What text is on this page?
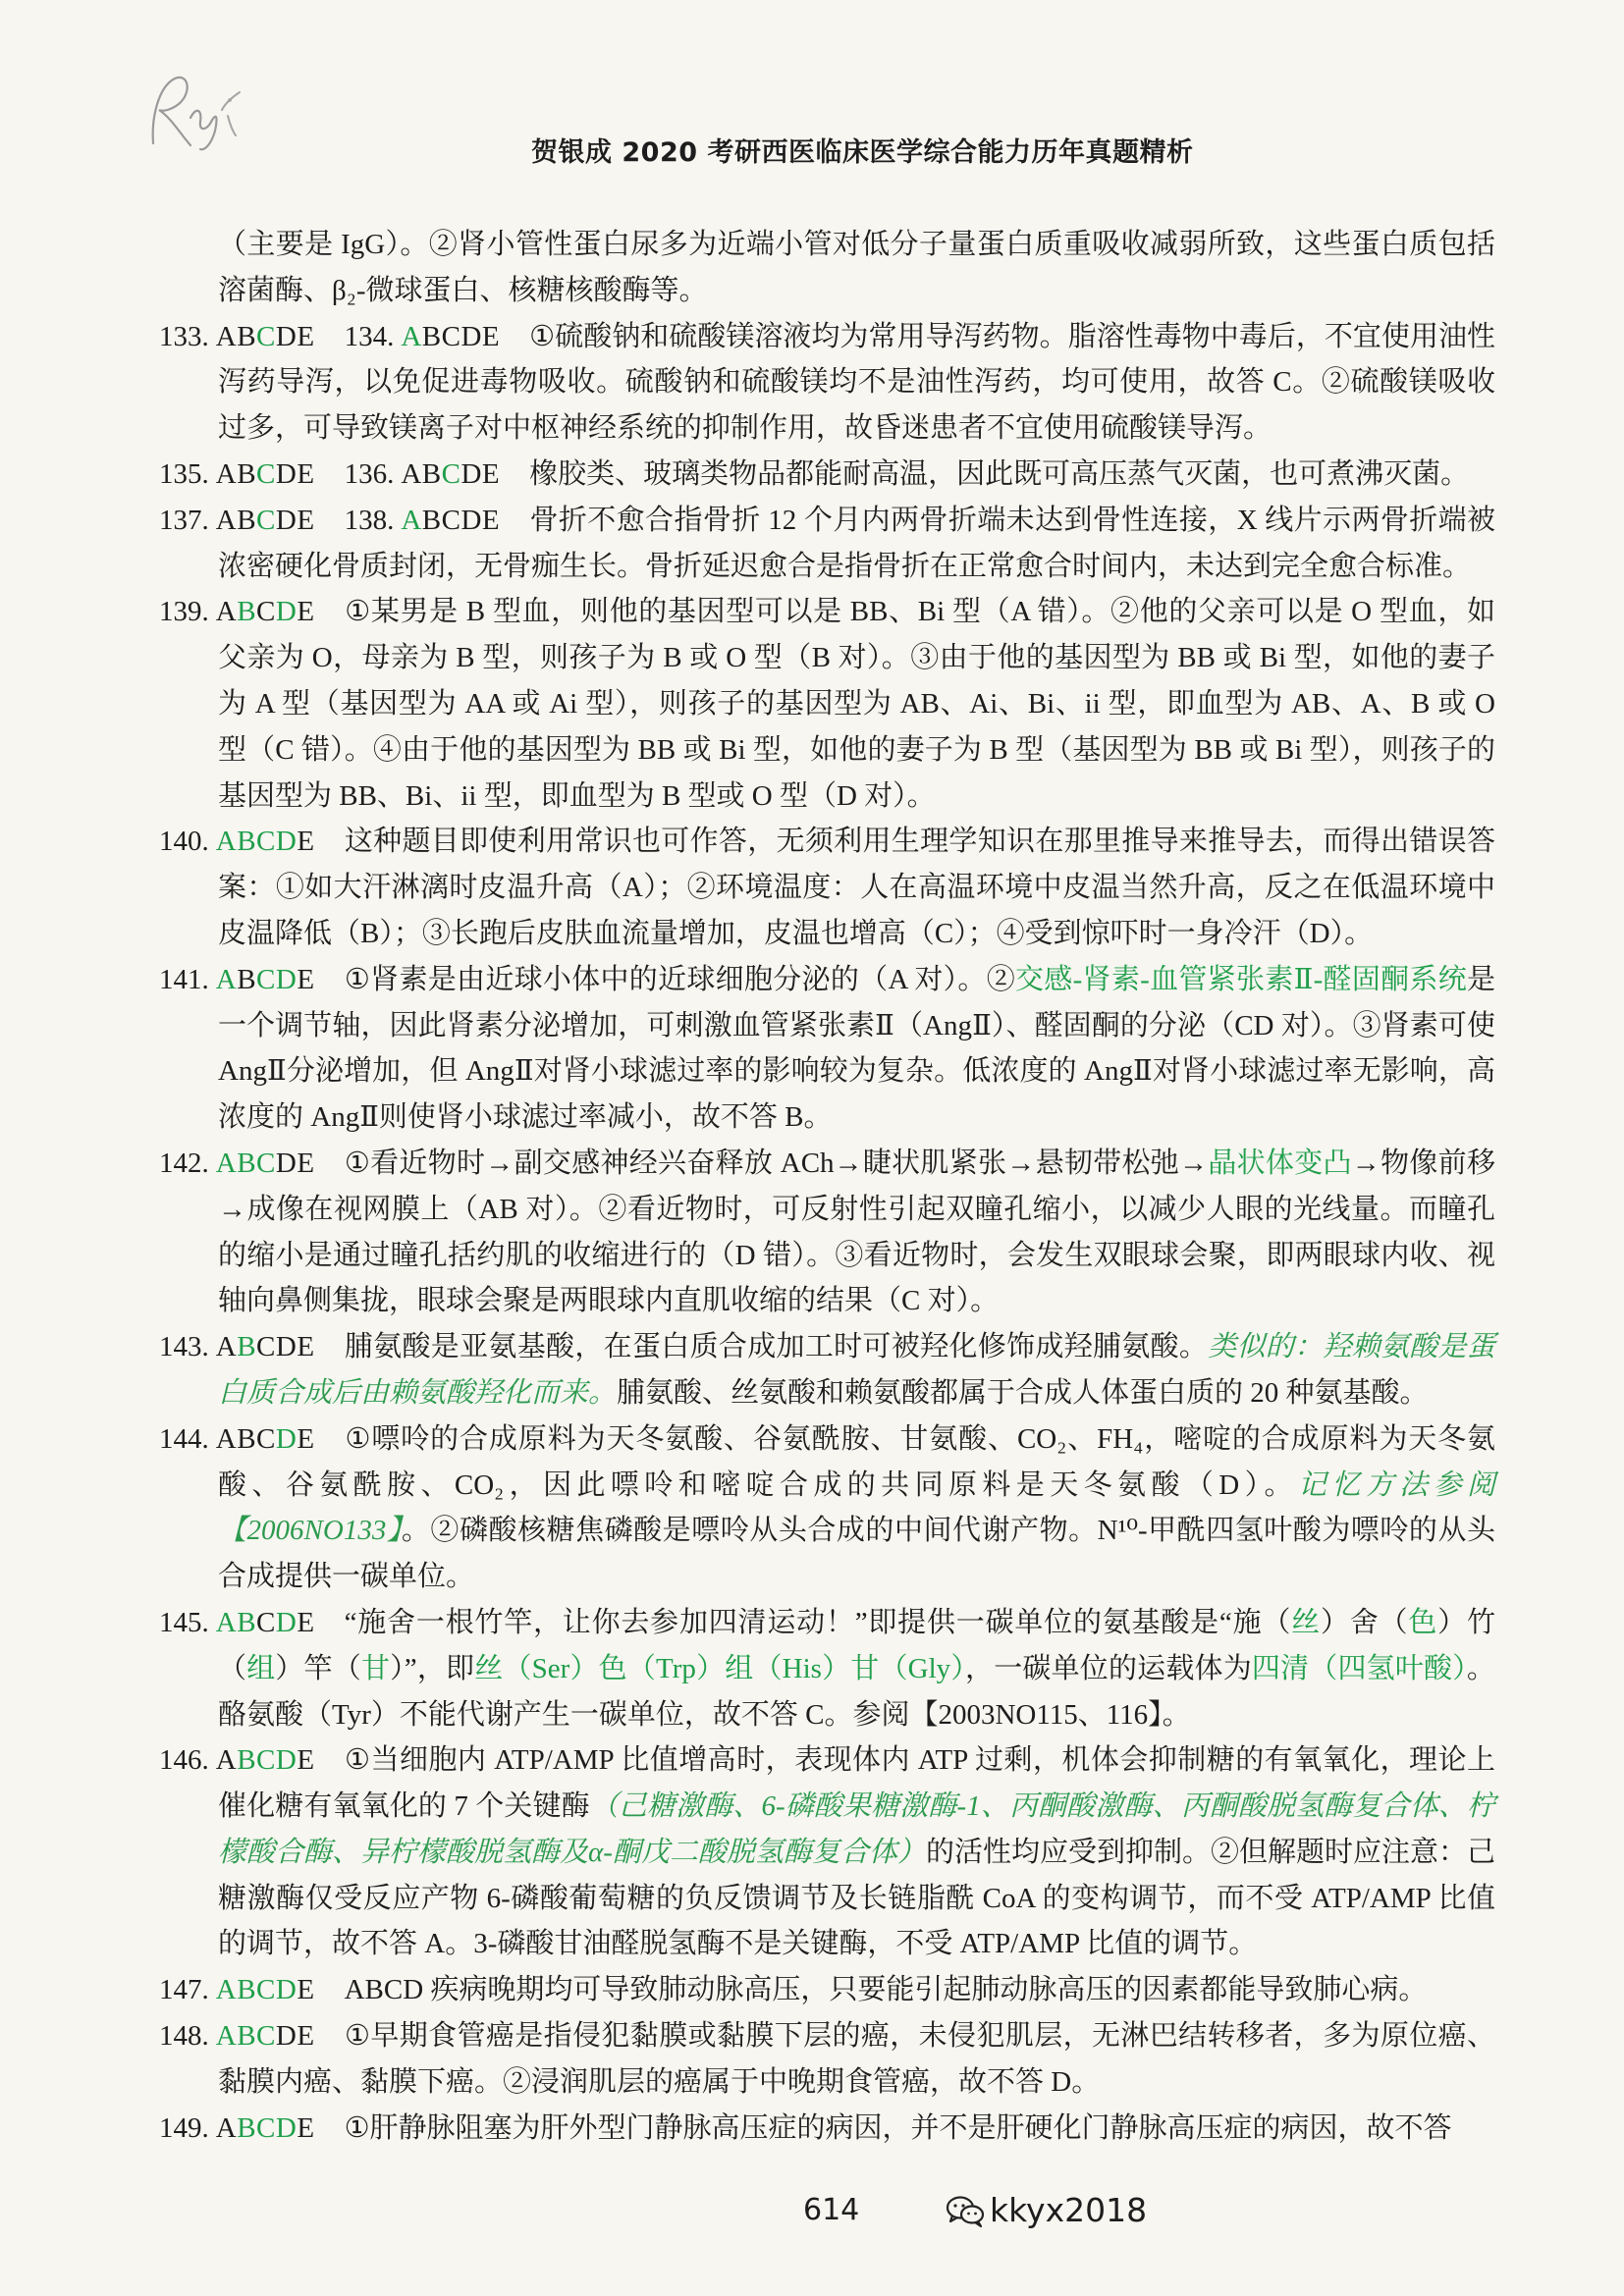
贺银成 2020 考研西医临床医学综合能力历年真题精析
（主要是 IgG）。②肾小管性蛋白尿多为近端小管对低分子量蛋白质重吸收减弱所致，这些蛋白质包括溶菌酶、β₂-微球蛋白、核糖核酸酶等。
133. ABCDE 134. ABCDE ①硫酸钠和硫酸镁溶液均为常用导泻药物。脂溶性毒物中毒后，不宜使用油性泻药导泻，以免促进毒物吸收。硫酸钠和硫酸镁均不是油性泻药，均可使用，故答 C。②硫酸镁吸收过多，可导致镁离子对中枢神经系统的抑制作用，故昏迷患者不宜使用硫酸镁导泻。
135. ABCDE 136. ABCDE 橡胶类、玻璃类物品都能耐高温，因此既可高压蒸气灭菌，也可煮沸灭菌。
137. ABCDE 138. ABCDE 骨折不愈合指骨折 12 个月内两骨折端未达到骨性连接，X 线片示两骨折端被浓密硬化骨质封闭，无骨痂生长。骨折延迟愈合是指骨折在正常愈合时间内，未达到完全愈合标准。
139. ABCDE ①某男是 B 型血，则他的基因型可以是 BB、Bi 型（A 错）。②他的父亲可以是 O 型血，如父亲为 O，母亲为 B 型，则孩子为 B 或 O 型（B 对）。③由于他的基因型为 BB 或 Bi 型，如他的妻子为 A 型（基因型为 AA 或 Ai 型），则孩子的基因型为 AB、Ai、Bi、ii 型，即血型为 AB、A、B 或 O 型（C 错）。④由于他的基因型为 BB 或 Bi 型，如他的妻子为 B 型（基因型为 BB 或 Bi 型），则孩子的基因型为 BB、Bi、ii 型，即血型为 B 型或 O 型（D 对）。
140. ABCDE 这种题目即使利用常识也可作答，无须利用生理学知识在那里推导来推导去，而得出错误答案：①如大汗淋漓时皮温升高（A）；②环境温度：人在高温环境中皮温当然升高，反之在低温环境中皮温降低（B）；③长跑后皮肤血流量增加，皮温也增高（C）；④受到惊吓时一身冷汗（D）。
141. ABCDE ①肾素是由近球小体中的近球细胞分泌的（A 对）。②交感-肾素-血管紧张素Ⅱ-醛固酮系统是一个调节轴，因此肾素分泌增加，可刺激血管紧张素Ⅱ（AngⅡ）、醛固酮的分泌（CD 对）。③肾素可使 AngⅡ分泌增加，但 AngⅡ对肾小球滤过率的影响较为复杂。低浓度的 AngⅡ对肾小球滤过率无影响，高浓度的 AngⅡ则使肾小球滤过率减小，故不答 B。
142. ABCDE ①看近物时→副交感神经兴奋释放 ACh→睫状肌紧张→悬韧带松弛→晶状体变凸→物像前移→成像在视网膜上（AB 对）。②看近物时，可反射性引起双瞳孔缩小，以减少人眼的光线量。而瞳孔的缩小是通过瞳孔括约肌的收缩进行的（D 错）。③看近物时，会发生双眼球会聚，即两眼球内收、视轴向鼻侧集拢，眼球会聚是两眼球内直肌收缩的结果（C 对）。
143. ABCDE 脯氨酸是亚氨基酸，在蛋白质合成加工时可被羟化修饰成羟脯氨酸。类似的：羟赖氨酸是蛋白质合成后由赖氨酸羟化而来。脯氨酸、丝氨酸和赖氨酸都属于合成人体蛋白质的 20 种氨基酸。
144. ABCDE ①嘌呤的合成原料为天冬氨酸、谷氨酰胺、甘氨酸、CO₂、FH₄，嘧啶的合成原料为天冬氨酸、谷氨酰胺、CO₂，因此嘌呤和嘧啶合成的共同原料是天冬氨酸（D）。记忆方法参阅【2006NO133】。②磷酸核糖焦磷酸是嘌呤从头合成的中间代谢产物。N¹⁰-甲酰四氢叶酸为嘌呤的从头合成提供一碳单位。
145. ABCDE “施舍一根竹竿，让你去参加四清运动！”即提供一碳单位的氨基酸是“施（丝）舍（色）竹（组）竿（甘）”，即丝（Ser）色（Trp）组（His）甘（Gly），一碳单位的运载体为四清（四氢叶酸）。酪氨酸（Tyr）不能代谢产生一碳单位，故不答 C。参阅【2003NO115、116】。
146. ABCDE ①当细胞内 ATP/AMP 比值增高时，表现体内 ATP 过剩，机体会抑制糖的有氧氧化，理论上催化糖有氧氧化的 7 个关键酶（己糖激酶、6-磷酸果糖激酶-1、丙酮酸激酶、丙酮酸脱氢酶复合体、柠檬酸合酶、异柠檬酸脱氢酶及α-酮戊二酸脱氢酶复合体）的活性均应受到抑制。②但解题时应注意：己糖激酶仅受反应产物 6-磷酸葡萄糖的负反馈调节及长链脂酰 CoA 的变构调节，而不受 ATP/AMP 比值的调节，故不答 A。3-磷酸甘油醛脱氢酶不是关键酶，不受 ATP/AMP 比值的调节。
147. ABCDE ABCD 疾病晚期均可导致肺动脉高压，只要能引起肺动脉高压的因素都能导致肺心病。
148. ABCDE ①早期食管癌是指侵犯黏膜或黏膜下层的癌，未侵犯肌层，无淋巴结转移者，多为原位癌、黏膜内癌、黏膜下癌。②浸润肌层的癌属于中晚期食管癌，故不答 D。
149. ABCDE ①肝静脉阻塞为肝外型门静脉高压症的病因，并不是肝硬化门静脉高压症的病因，故不答
614	kkyx2018
